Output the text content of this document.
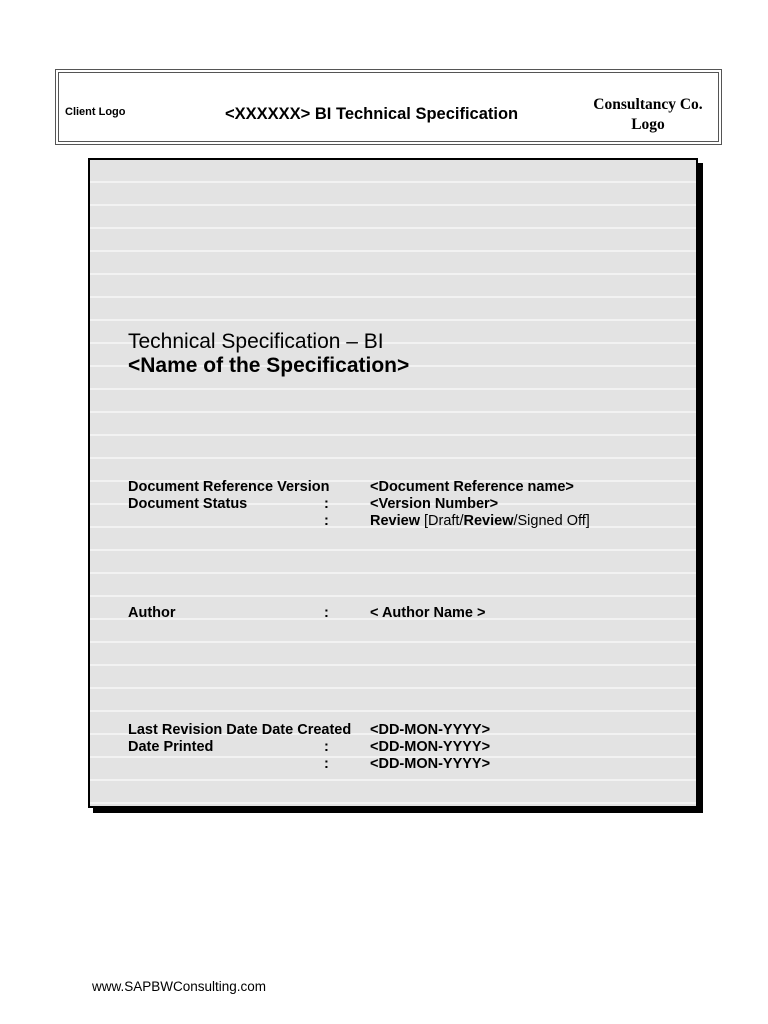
Client Logo	<XXXXXX> BI Technical Specification
Consultancy Co.
Logo
Technical Specification – BI
<Name of the Specification>
Document Reference Version	<Document Reference name>
Document Status	:	<Version Number>
:	Review [Draft/Review/Signed Off]
Author	:	< Author Name >
Last Revision Date Date Created <DD-MON-YYYY>
Date Printed	:	<DD-MON-YYYY>
:	<DD-MON-YYYY>
www.SAPBWConsulting.com
